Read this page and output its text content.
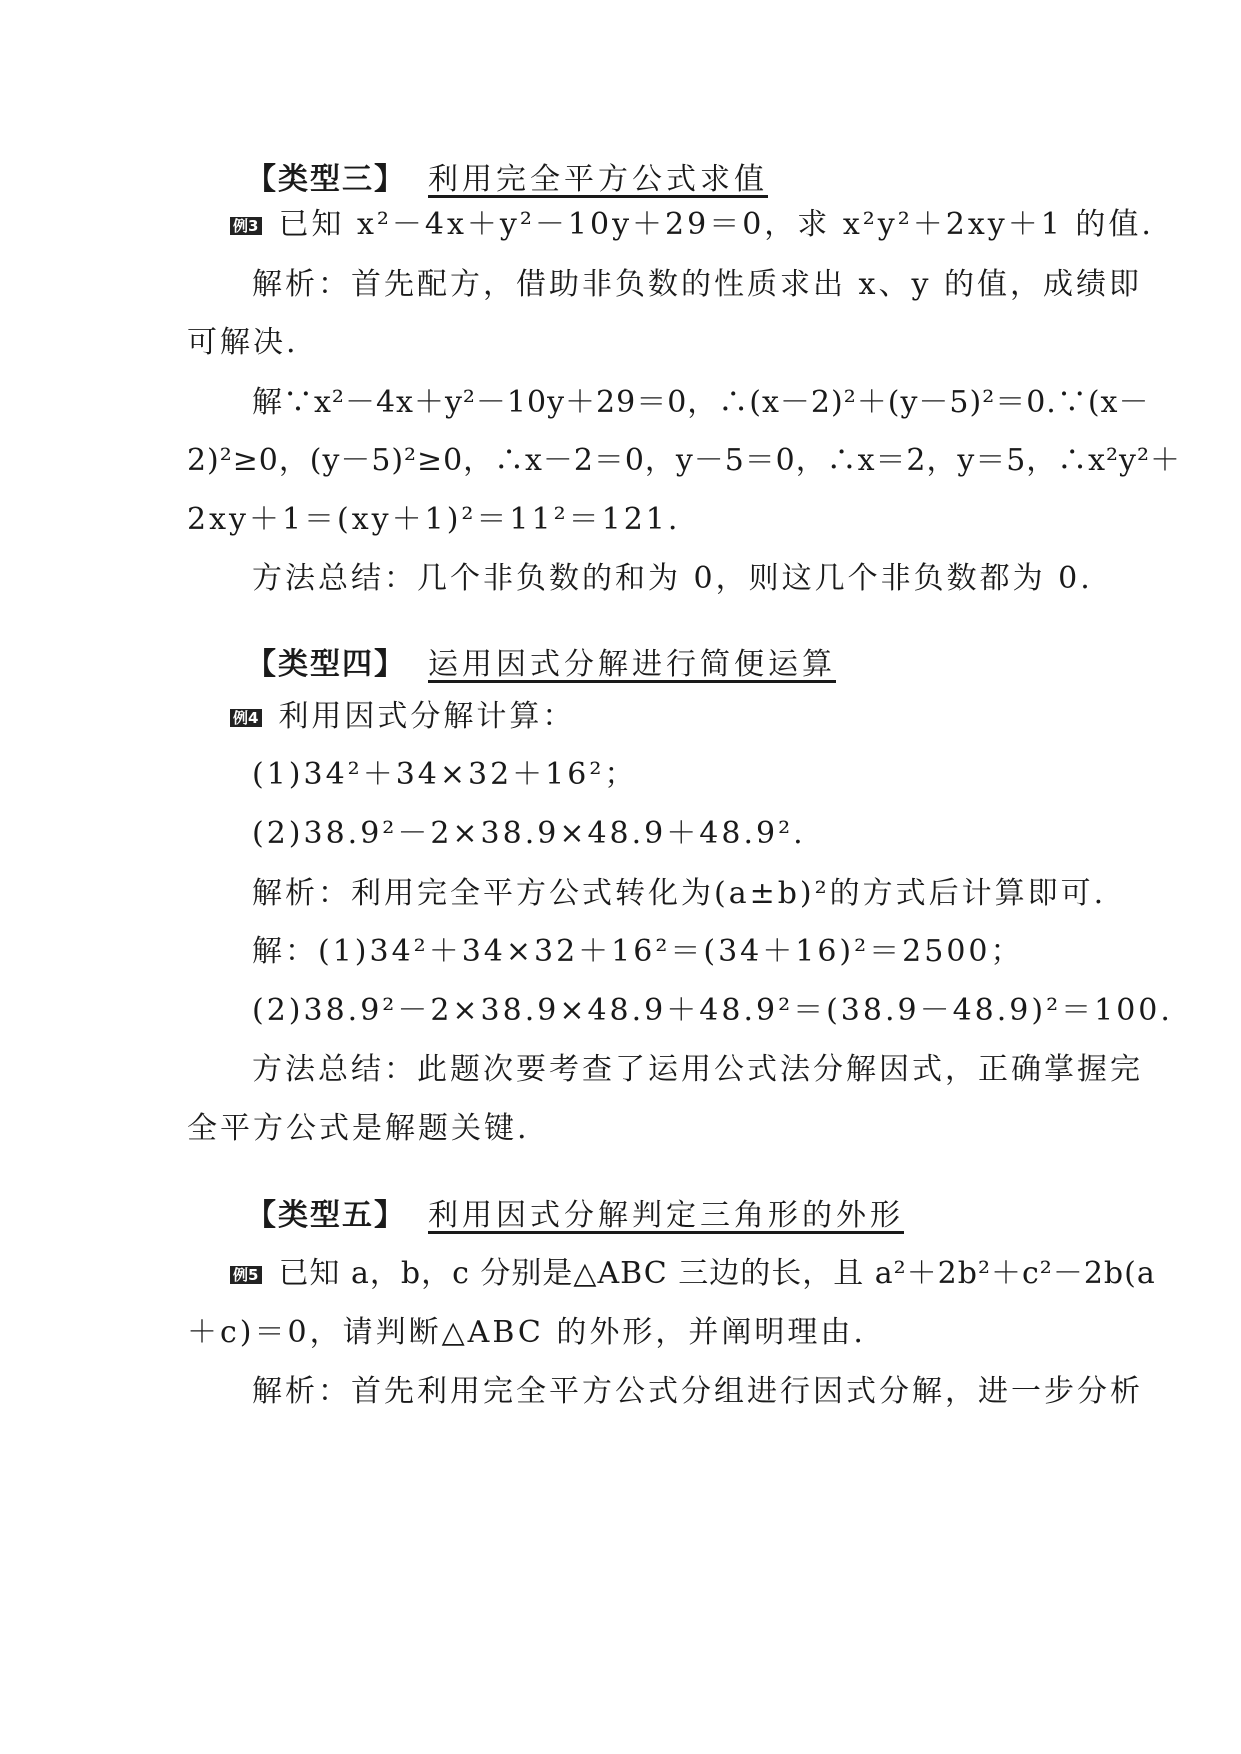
【类型三】 利用完全平方公式求值
例3 已知 x²－4x＋y²－10y＋29＝0，求 x²y²＋2xy＋1 的值.
解析：首先配方，借助非负数的性质求出 x、y 的值，成绩即
可解决.
解∵x²－4x＋y²－10y＋29＝0，∴(x－2)²＋(y－5)²＝0.∵(x－
2)²≥0，(y－5)²≥0，∴x－2＝0，y－5＝0，∴x＝2，y＝5，∴x²y²＋
2xy＋1＝(xy＋1)²＝11²＝121.
方法总结：几个非负数的和为 0，则这几个非负数都为 0.
【类型四】 运用因式分解进行简便运算
例4 利用因式分解计算：
(1)34²＋34×32＋16²；
(2)38.9²－2×38.9×48.9＋48.9².
解析：利用完全平方公式转化为(a±b)²的方式后计算即可.
解：(1)34²＋34×32＋16²＝(34＋16)²＝2500；
(2)38.9²－2×38.9×48.9＋48.9²＝(38.9－48.9)²＝100.
方法总结：此题次要考查了运用公式法分解因式，正确掌握完
全平方公式是解题关键.
【类型五】 利用因式分解判定三角形的外形
例5 已知 a，b，c 分别是△ABC 三边的长，且 a²＋2b²＋c²－2b(a
＋c)＝0，请判断△ABC 的外形，并阐明理由.
解析：首先利用完全平方公式分组进行因式分解，进一步分析
